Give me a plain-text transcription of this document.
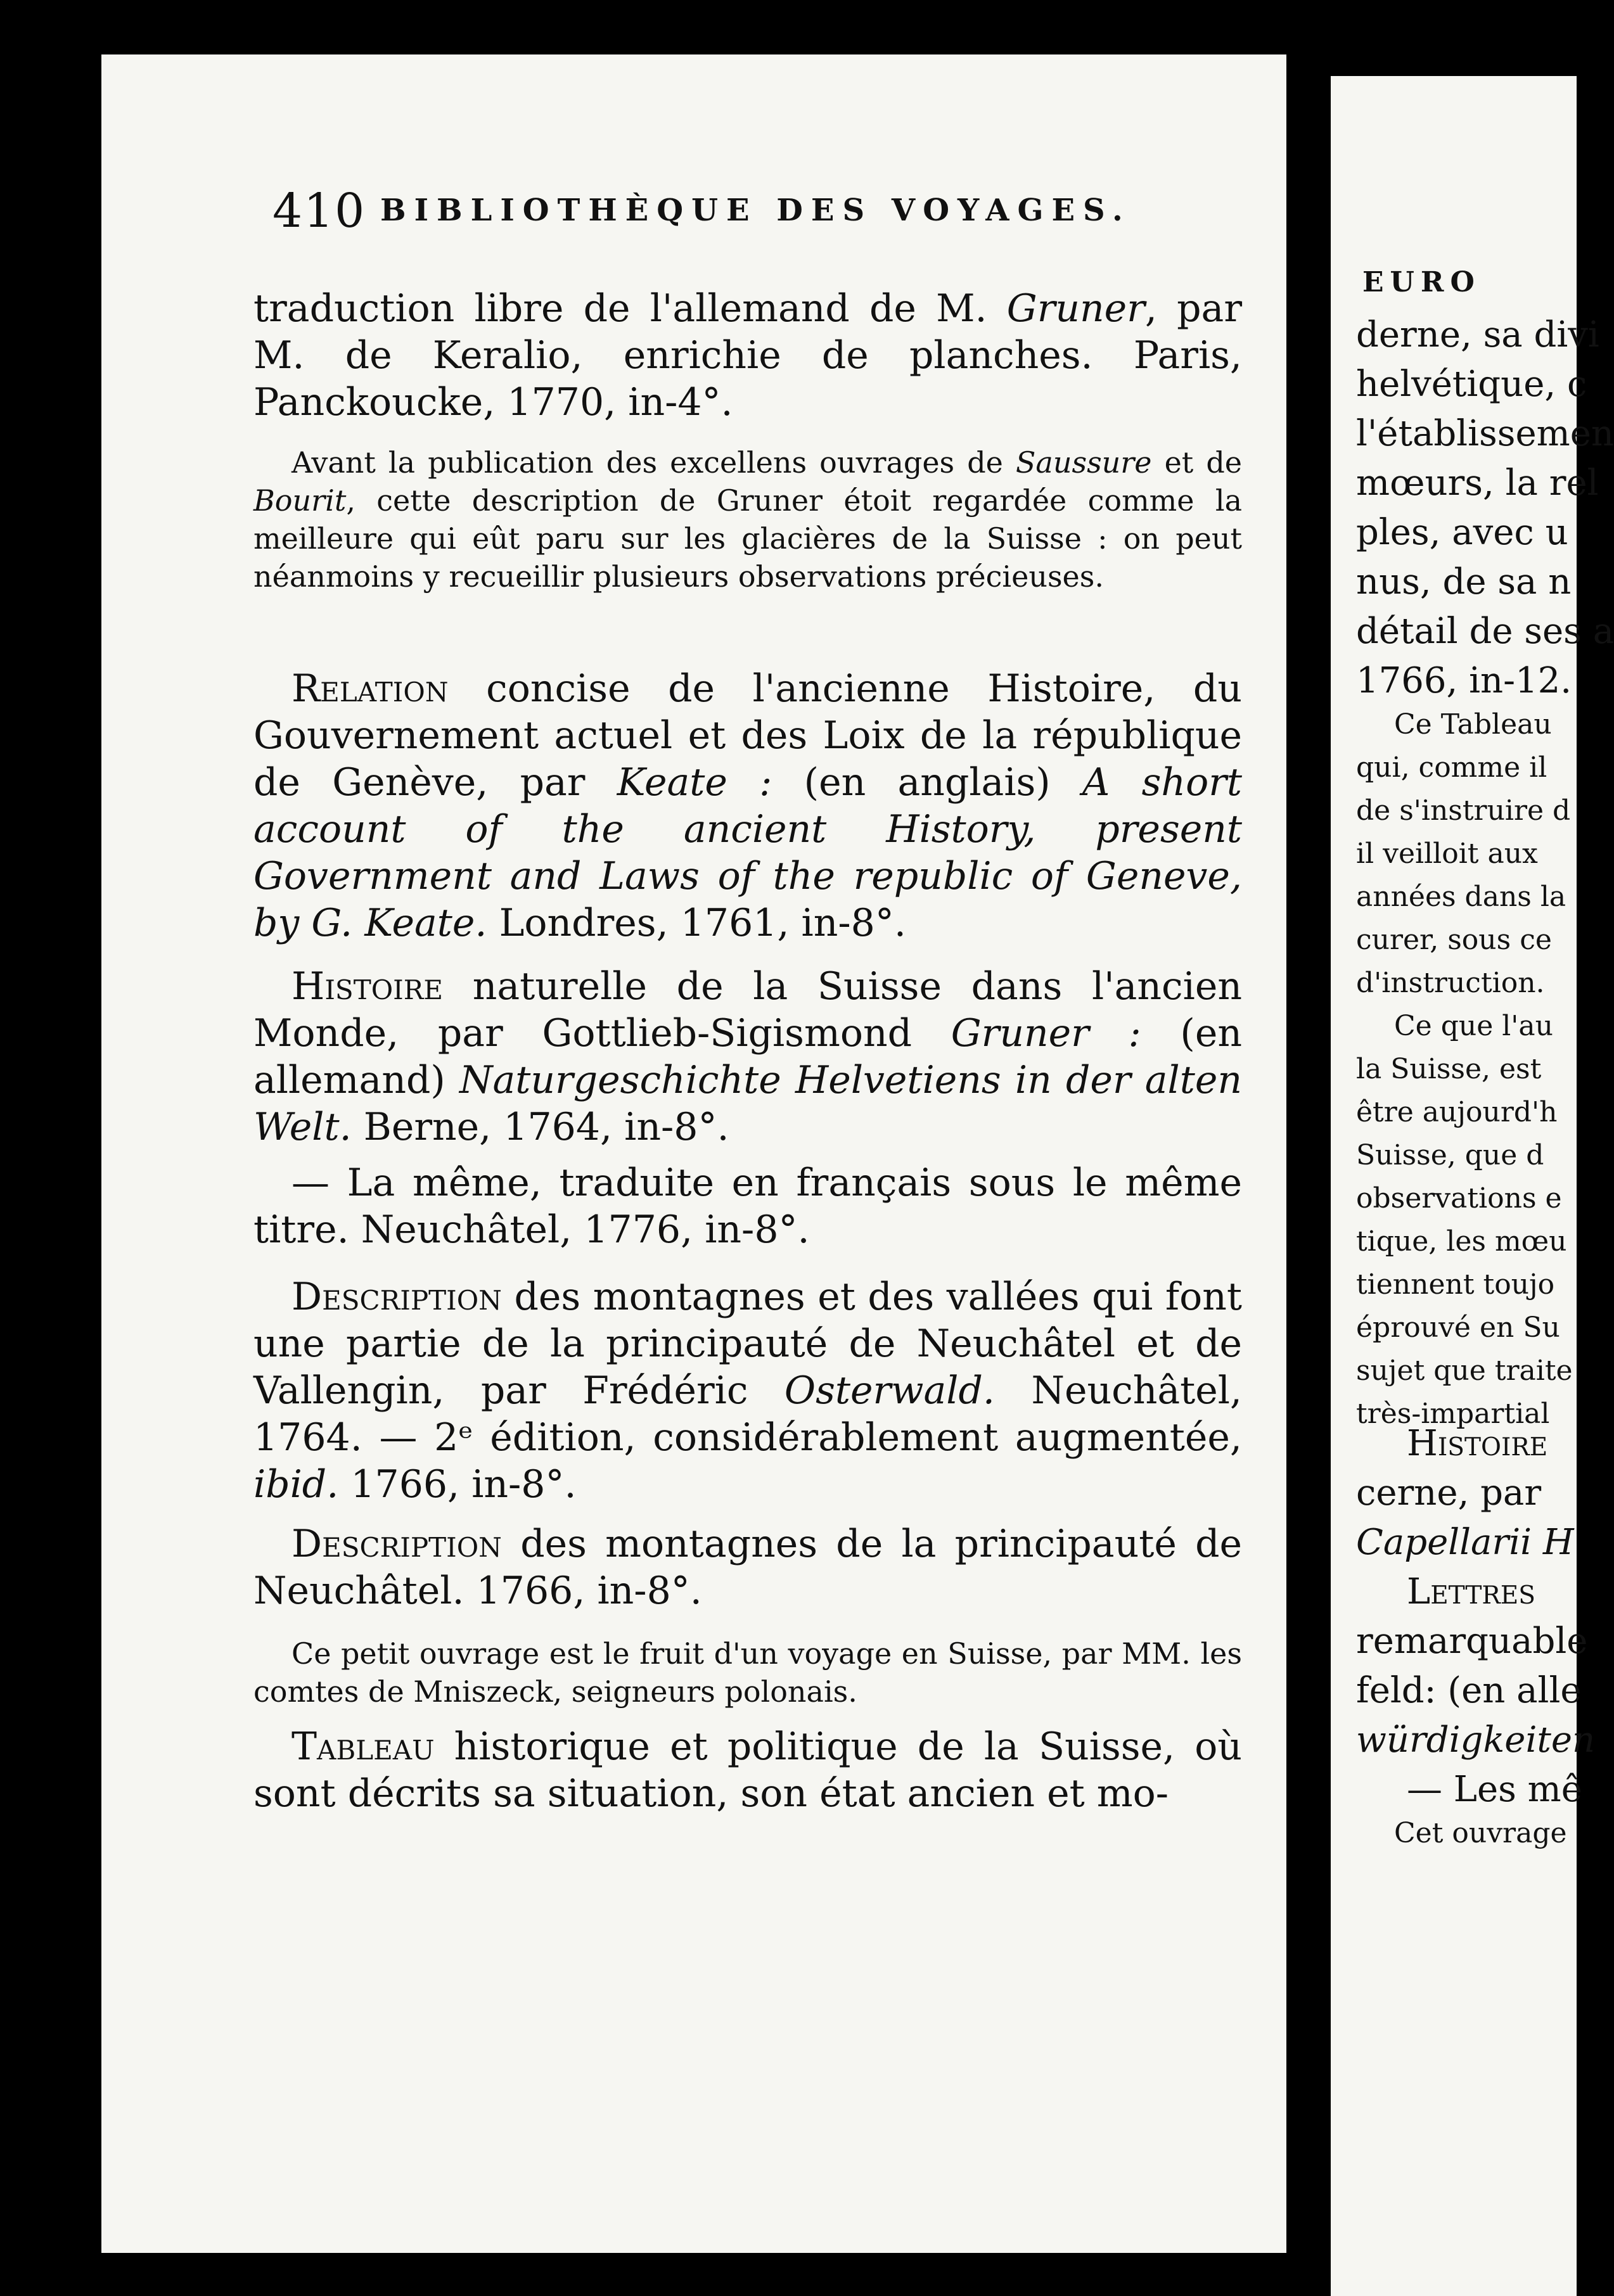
410 BIBLIOTHÈQUE DES VOYAGES.
traduction libre de l'allemand de M. Gruner, par M. de Keralio, enrichie de planches. Paris, Panckoucke, 1770, in-4°.
Avant la publication des excellens ouvrages de Saussure et de Bourit, cette description de Gruner étoit regardée comme la meilleure qui eût paru sur les glacières de la Suisse : on peut néanmoins y recueillir plusieurs observations précieuses.
Relation concise de l'ancienne Histoire, du Gouvernement actuel et des Loix de la république de Genève, par Keate : (en anglais) A short account of the ancient History, present Government and Laws of the republic of Geneve, by G. Keate. Londres, 1761, in-8°.
Histoire naturelle de la Suisse dans l'ancien Monde, par Gottlieb-Sigismond Gruner : (en allemand) Naturgeschichte Helvetiens in der alten Welt. Berne, 1764, in-8°.
— La même, traduite en français sous le même titre. Neuchâtel, 1776, in-8°.
Description des montagnes et des vallées qui font une partie de la principauté de Neuchâtel et de Vallengin, par Frédéric Osterwald. Neuchâtel, 1764. — 2ᵉ édition, considérablement augmentée, ibid. 1766, in-8°.
Description des montagnes de la principauté de Neuchâtel. 1766, in-8°.
Ce petit ouvrage est le fruit d'un voyage en Suisse, par MM. les comtes de Mniszeck, seigneurs polonais.
Tableau historique et politique de la Suisse, où sont décrits sa situation, son état ancien et mo-
EURO
derne, sa divi
helvétique, c
l'établissemen
mœurs, la rel
ples, avec u
nus, de sa n
détail de ses a
1766, in-12.
Ce Tableau
qui, comme il
de s'instruire d
il veilloit aux
années dans la
curer, sous ce
d'instruction.
Ce que l'au
la Suisse, est
être aujourd'h
Suisse, que d
observations e
tique, les mœu
tiennent toujo
éprouvé en Su
sujet que traite
très-impartial
Histoire
cerne, par
Capellarii H
Lettres
remarquable
feld: (en alle
würdigkeiten
— Les mê
Cet ouvrage
